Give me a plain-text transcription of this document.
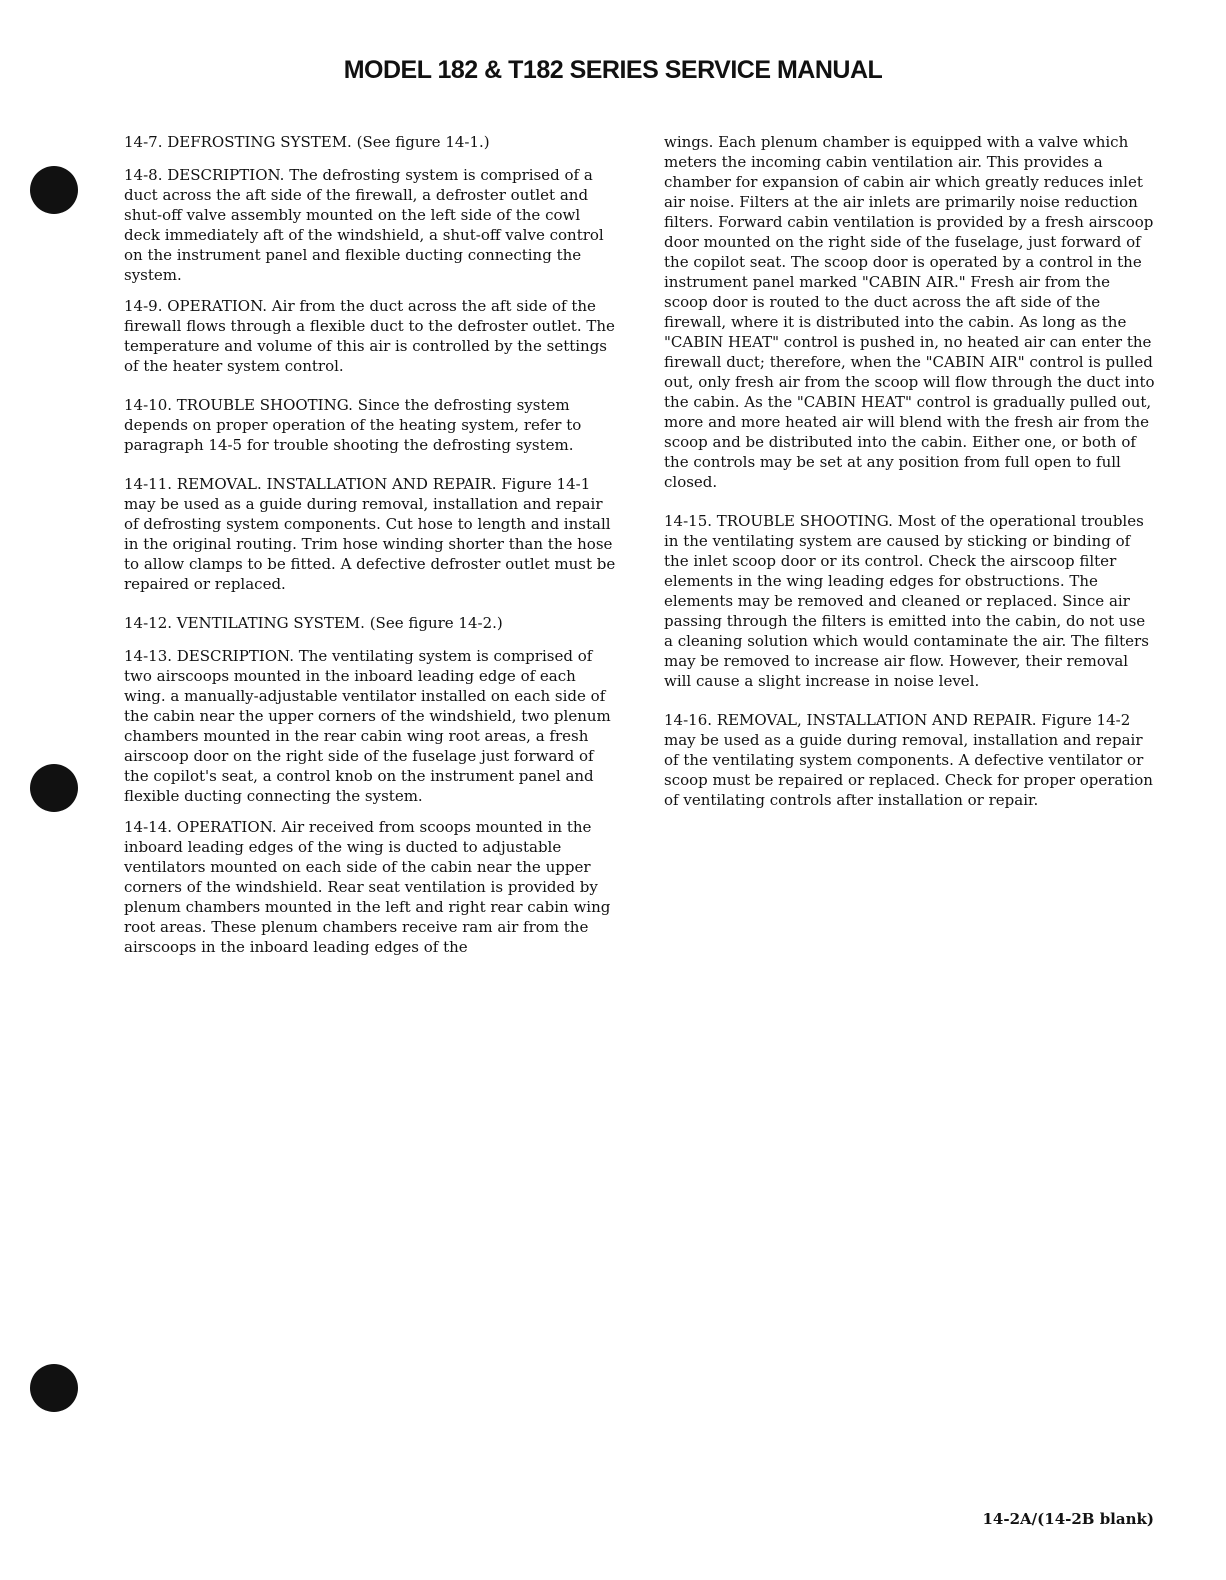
MODEL 182 & T182 SERIES SERVICE MANUAL

14-7. DEFROSTING SYSTEM. (See figure 14-1.)

14-8. DESCRIPTION. The defrosting system is comprised of a duct across the aft side of the firewall, a defroster outlet and shut-off valve assembly mounted on the left side of the cowl deck immediately aft of the windshield, a shut-off valve control on the instrument panel and flexible ducting connecting the system.

14-9. OPERATION. Air from the duct across the aft side of the firewall flows through a flexible duct to the defroster outlet. The temperature and volume of this air is controlled by the settings of the heater system control.

14-10. TROUBLE SHOOTING. Since the defrosting system depends on proper operation of the heating system, refer to paragraph 14-5 for trouble shooting the defrosting system.

14-11. REMOVAL. INSTALLATION AND REPAIR. Figure 14-1 may be used as a guide during removal, installation and repair of defrosting system components. Cut hose to length and install in the original routing. Trim hose winding shorter than the hose to allow clamps to be fitted. A defective defroster outlet must be repaired or replaced.

14-12. VENTILATING SYSTEM. (See figure 14-2.)

14-13. DESCRIPTION. The ventilating system is comprised of two airscoops mounted in the inboard leading edge of each wing. a manually-adjustable ventilator installed on each side of the cabin near the upper corners of the windshield, two plenum chambers mounted in the rear cabin wing root areas, a fresh airscoop door on the right side of the fuselage just forward of the copilot's seat, a control knob on the instrument panel and flexible ducting connecting the system.

14-14. OPERATION. Air received from scoops mounted in the inboard leading edges of the wing is ducted to adjustable ventilators mounted on each side of the cabin near the upper corners of the windshield. Rear seat ventilation is provided by plenum chambers mounted in the left and right rear cabin wing root areas. These plenum chambers receive ram air from the airscoops in the inboard leading edges of the

wings. Each plenum chamber is equipped with a valve which meters the incoming cabin ventilation air. This provides a chamber for expansion of cabin air which greatly reduces inlet air noise. Filters at the air inlets are primarily noise reduction filters. Forward cabin ventilation is provided by a fresh airscoop door mounted on the right side of the fuselage, just forward of the copilot seat. The scoop door is operated by a control in the instrument panel marked "CABIN AIR." Fresh air from the scoop door is routed to the duct across the aft side of the firewall, where it is distributed into the cabin. As long as the "CABIN HEAT" control is pushed in, no heated air can enter the firewall duct; therefore, when the "CABIN AIR" control is pulled out, only fresh air from the scoop will flow through the duct into the cabin. As the "CABIN HEAT" control is gradually pulled out, more and more heated air will blend with the fresh air from the scoop and be distributed into the cabin. Either one, or both of the controls may be set at any position from full open to full closed.

14-15. TROUBLE SHOOTING. Most of the operational troubles in the ventilating system are caused by sticking or binding of the inlet scoop door or its control. Check the airscoop filter elements in the wing leading edges for obstructions. The elements may be removed and cleaned or replaced. Since air passing through the filters is emitted into the cabin, do not use a cleaning solution which would contaminate the air. The filters may be removed to increase air flow. However, their removal will cause a slight increase in noise level.

14-16. REMOVAL, INSTALLATION AND REPAIR. Figure 14-2 may be used as a guide during removal, installation and repair of the ventilating system components. A defective ventilator or scoop must be repaired or replaced. Check for proper operation of ventilating controls after installation or repair.

14-2A/(14-2B blank)
